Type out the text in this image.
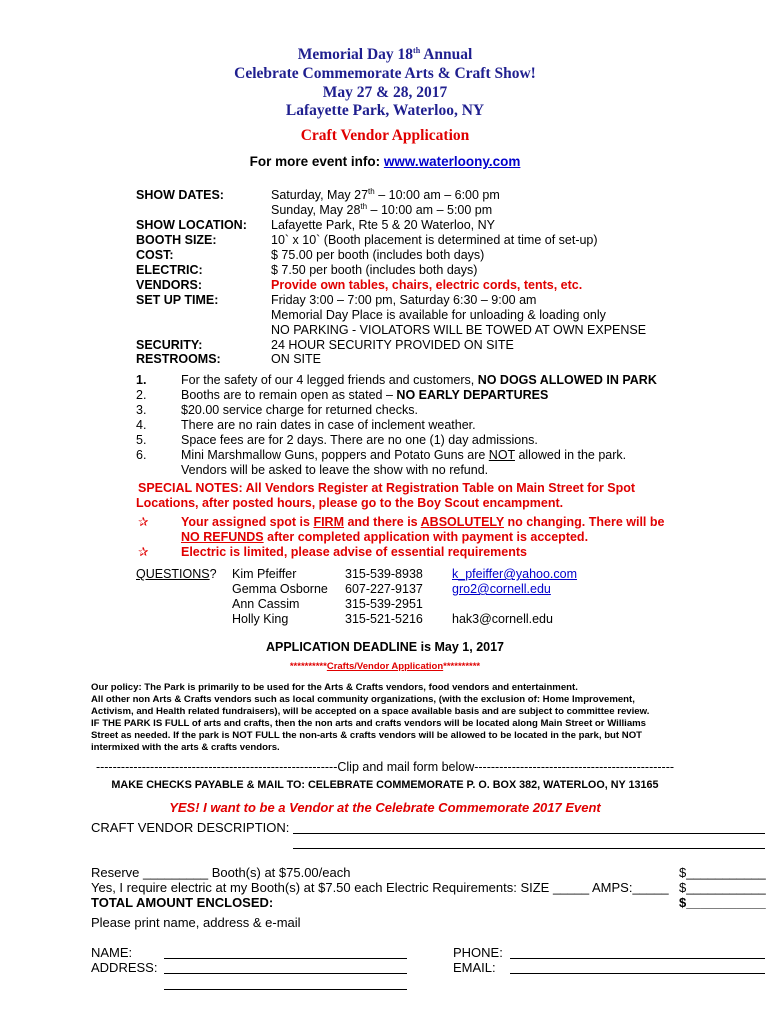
Memorial Day 18th Annual
Celebrate Commemorate Arts & Craft Show!
May 27 & 28, 2017
Lafayette Park, Waterloo, NY
Craft Vendor Application
For more event info: www.waterloony.com
SHOW DATES:	Saturday, May 27th – 10:00 am – 6:00 pm
Sunday, May 28th – 10:00 am – 5:00 pm
SHOW LOCATION: Lafayette Park, Rte 5 & 20 Waterloo, NY
BOOTH SIZE:	10` x 10` (Booth placement is determined at time of set-up)
COST:	$ 75.00 per booth (includes both days)
ELECTRIC:	$ 7.50 per booth (includes both days)
VENDORS:	Provide own tables, chairs, electric cords, tents, etc.
SET UP TIME:	Friday 3:00 – 7:00 pm, Saturday 6:30 – 9:00 am
Memorial Day Place is available for unloading & loading only
NO PARKING - VIOLATORS WILL BE TOWED AT OWN EXPENSE
SECURITY:	24 HOUR SECURITY PROVIDED ON SITE
RESTROOMS:	ON SITE
1.	For the safety of our 4 legged friends and customers, NO DOGS ALLOWED IN PARK
2.	Booths are to remain open as stated – NO EARLY DEPARTURES
3.	$20.00 service charge for returned checks.
4.	There are no rain dates in case of inclement weather.
5.	Space fees are for 2 days. There are no one (1) day admissions.
6.	Mini Marshmallow Guns, poppers and Potato Guns are NOT allowed in the park.
Vendors will be asked to leave the show with no refund.
SPECIAL NOTES: All Vendors Register at Registration Table on Main Street for Spot
Locations, after posted hours, please go to the Boy Scout encampment.
✰	Your assigned spot is FIRM and there is ABSOLUTELY no changing. There will be
NO REFUNDS after completed application with payment is accepted.
✰	Electric is limited, please advise of essential requirements
QUESTIONS? Kim Pfeiffer	315-539-8938 k_pfeiffer@yahoo.com
Gemma Osborne 607-227-9137 gro2@cornell.edu
Ann Cassim	315-539-2951
Holly King	315-521-5216 hak3@cornell.edu
APPLICATION DEADLINE is May 1, 2017
**********Crafts/Vendor Application**********
Our policy: The Park is primarily to be used for the Arts & Crafts vendors, food vendors and entertainment.
All other non Arts & Crafts vendors such as local community organizations, (with the exclusion of: Home Improvement,
Activism, and Health related fundraisers), will be accepted on a space available basis and are subject to committee review.
IF THE PARK IS FULL of arts and crafts, then the non arts and crafts vendors will be located along Main Street or Williams
Street as needed. If the park is NOT FULL the non-arts & crafts vendors will be allowed to be located in the park, but NOT
intermixed with the arts & crafts vendors.
----------------------------------------------------------Clip and mail form below------------------------------------------------
MAKE CHECKS PAYABLE & MAIL TO: CELEBRATE COMMEMORATE P. O. BOX 382, WATERLOO, NY 13165
YES! I want to be a Vendor at the Celebrate Commemorate 2017 Event
CRAFT VENDOR DESCRIPTION:
Reserve _________ Booth(s) at $75.00/each	$___________
Yes, I require electric at my Booth(s) at $7.50 each Electric Requirements: SIZE _____ AMPS:_____ $___________
TOTAL AMOUNT ENCLOSED:	$___________
Please print name, address & e-mail
NAME:	PHONE:
ADDRESS:	EMAIL:
